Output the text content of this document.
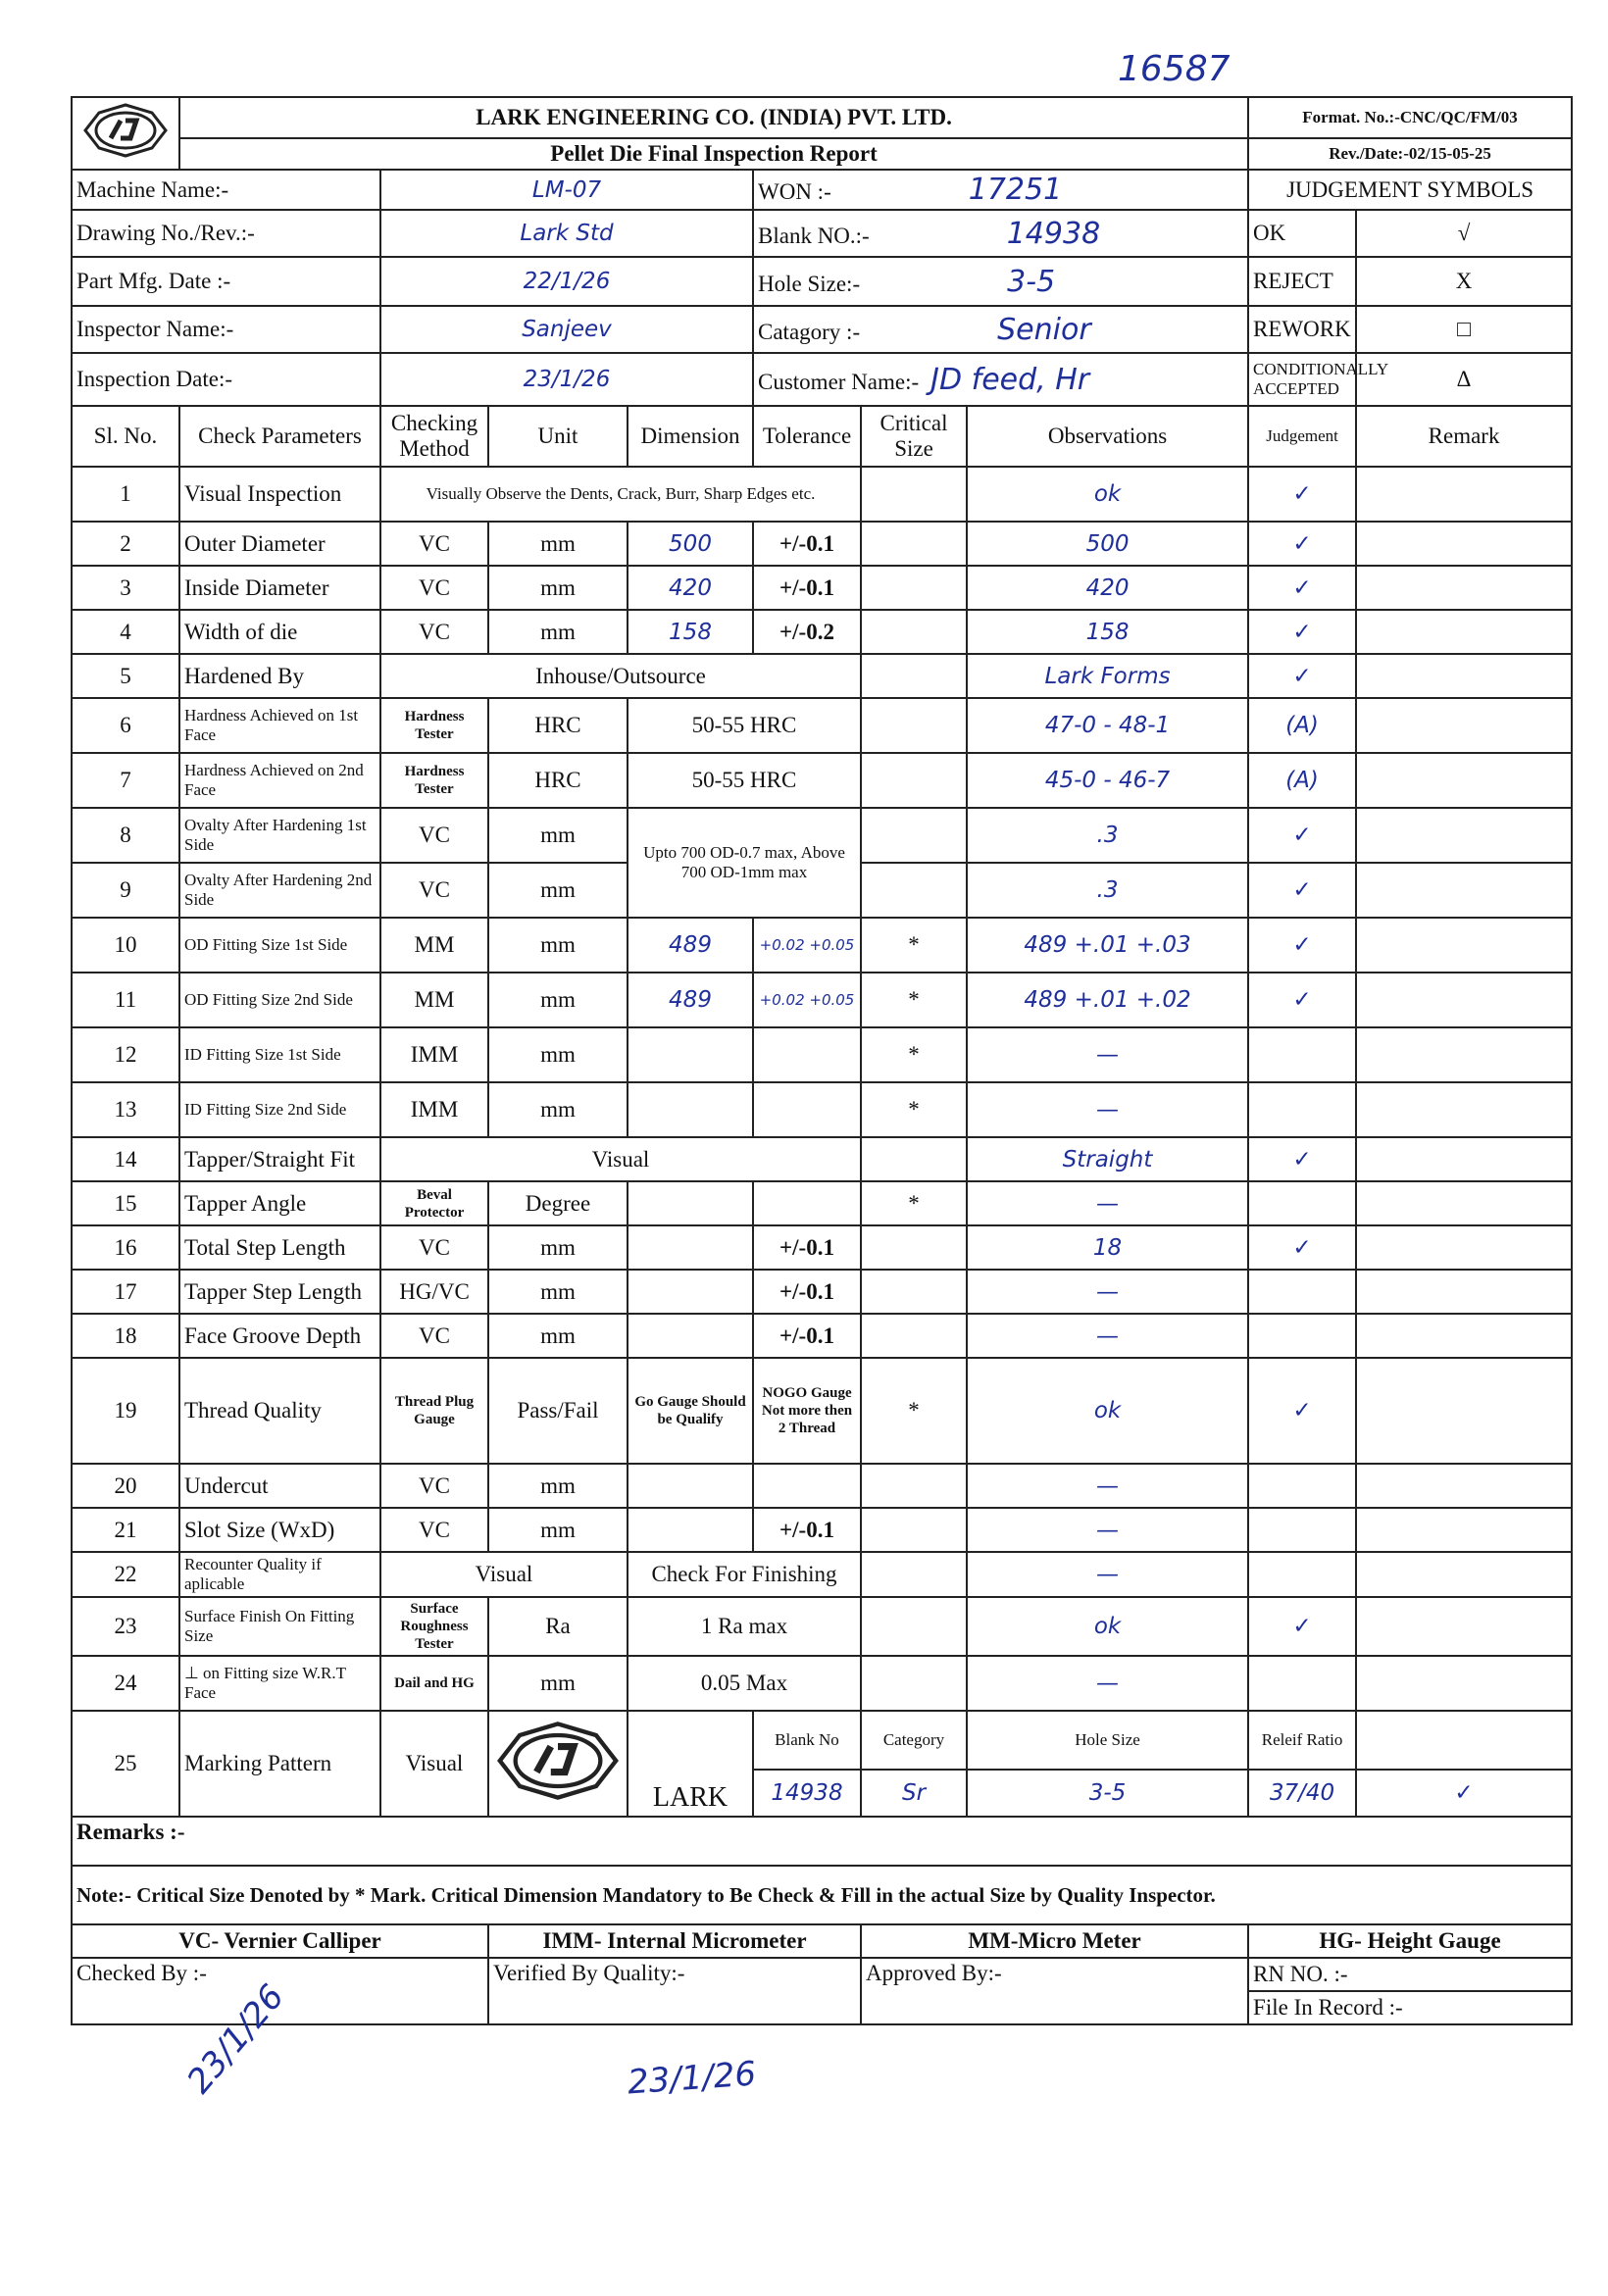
16587
	LARK ENGINEERING CO. (INDIA) PVT. LTD.							Format. No.:-CNC/QC/FM/03		
	Pellet Die Final Inspection Report							Rev./Date:-02/15-05-25		
Machine Name:-		LM-07			WON :- 17251			JUDGEMENT SYMBOLS		
Drawing No./Rev.:-		Lark Std			Blank NO.:- 14938			OK	√	
Part Mfg. Date :-		22/1/26			Hole Size:- 3-5			REJECT	X	
Inspector Name:-		Sanjeev			Catagory :- Senior			REWORK	□	
Inspection Date:-		23/1/26			Customer Name:- JD feed, Hr			CONDITIONALLY ACCEPTED	Δ	
Sl. No.	Check Parameters	Checking Method	Unit	Dimension	Tolerance	Critical Size	Observations	Judgement	Remark	
1	Visual Inspection	Visually Observe the Dents, Crack, Burr, Sharp Edges etc.					ok	✓		
2	Outer Diameter	VC	mm	500	+/-0.1		500	✓		
3	Inside Diameter	VC	mm	420	+/-0.1		420	✓		
4	Width of die	VC	mm	158	+/-0.2		158	✓		
5	Hardened By	Inhouse/Outsource					Lark Forms	✓		
6	Hardness Achieved on 1st Face	Hardness Tester	HRC	50-55 HRC			47-0 - 48-1	(A)		
7	Hardness Achieved on 2nd Face	Hardness Tester	HRC	50-55 HRC			45-0 - 46-7	(A)		
8	Ovalty After Hardening 1st Side	VC	mm	Upto 700 OD-0.7 max, Above 700 OD-1mm max			.3	✓		
9	Ovalty After Hardening 2nd Side	VC	mm				.3	✓		
10	OD Fitting Size 1st Side	MM	mm	489	+0.02 +0.05	*	489 +.01 +.03	✓		
11	OD Fitting Size 2nd Side	MM	mm	489	+0.02 +0.05	*	489 +.01 +.02	✓		
12	ID Fitting Size 1st Side	IMM	mm			*	—			
13	ID Fitting Size 2nd Side	IMM	mm			*	—			
14	Tapper/Straight Fit	Visual					Straight	✓		
15	Tapper Angle	Beval Protector	Degree			*	—			
16	Total Step Length	VC	mm		+/-0.1		18	✓		
17	Tapper Step Length	HG/VC	mm		+/-0.1		—			
18	Face Groove Depth	VC	mm		+/-0.1		—			
19	Thread Quality	Thread Plug Gauge	Pass/Fail	Go Gauge Should be Qualify	NOGO Gauge Not more then 2 Thread	*	ok	✓		
20	Undercut	VC	mm				—			
21	Slot Size (WxD)	VC	mm		+/-0.1		—			
22	Recounter Quality if aplicable	Visual		Check For Finishing			—			
23	Surface Finish On Fitting Size	Surface Roughness Tester	Ra	1 Ra max			ok	✓		
24	⊥ on Fitting size W.R.T Face	Dail and HG	mm	0.05 Max			—			
25	Marking Pattern	Visual		LARK	Blank No	Category	Hole Size	Releif Ratio		
					14938	Sr	3-5	37/40	✓	
Remarks :-										
Note:- Critical Size Denoted by * Mark. Critical Dimension Mandatory to Be Check & Fill in the actual Size by Quality Inspector.										
VC- Vernier Calliper			IMM- Internal Micrometer			MM-Micro Meter		HG- Height Gauge		
Checked By :-			Verified By Quality:-			Approved By:-		RN NO. :-		
								File In Record :-		
23/1/26	23/1/26
